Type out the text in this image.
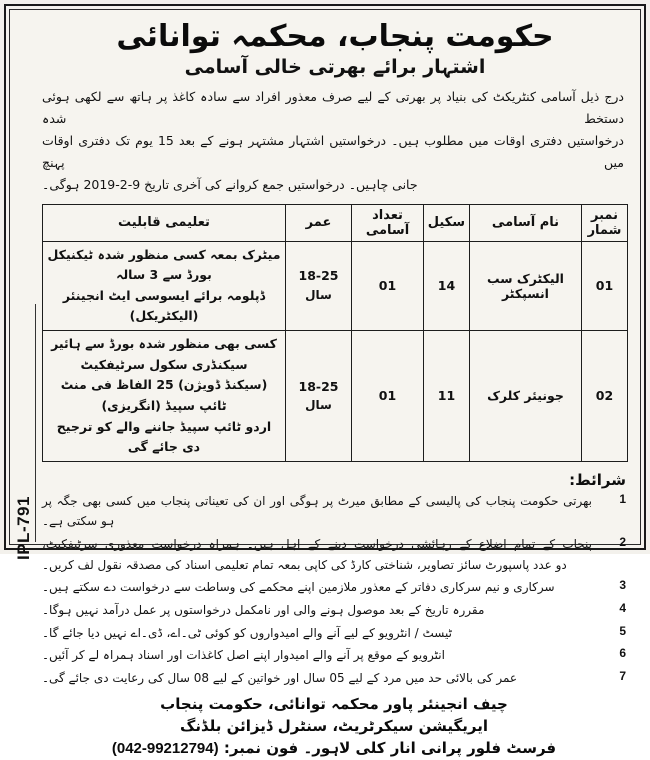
IPL-791
حکومت پنجاب، محکمہ توانائی
اشتہار برائے بھرتی خالی آسامی
درج ذیل آسامی کنٹریکٹ کی بنیاد پر بھرتی کے لیے صرف معذور افراد سے سادہ کاغذ پر ہاتھ سے لکھی ہوئی دستخط شدہ
درخواستیں دفتری اوقات میں مطلوب ہیں۔ درخواستیں اشتہار مشتہر ہونے کے بعد 15 یوم تک دفتری اوقات میں پہنچ
جانی چاہیں۔ درخواستیں جمع کروانے کی آخری تاریخ 9-2-2019 ہوگی۔
نمبر شمار	نام آسامی	سکیل	تعداد آسامی	عمر	تعلیمی قابلیت
01	الیکٹرک سب انسپکٹر	14	01	18-25
سال	میٹرک بمعہ کسی منظور شدہ ٹیکنیکل بورڈ سے 3 سالہ
ڈپلومہ برائے ایسوسی ایٹ انجینئر (الیکٹریکل)

02	جونیئر کلرک	11	01	18-25
سال	کسی بھی منظور شدہ بورڈ سے ہائیر سیکنڈری سکول سرٹیفکیٹ
(سیکنڈ ڈویژن) 25 الفاظ فی منٹ ٹائپ سپیڈ (انگریزی)
اردو ٹائپ سپیڈ جاننے والے کو ترجیح دی جائے گی
شرائط:
1
بھرتی حکومت پنجاب کی پالیسی کے مطابق میرٹ پر ہوگی اور ان کی تعیناتی پنجاب میں کسی بھی جگہ پر ہو سکتی ہے۔
2
پنجاب کے تمام اضلاع کے رہائشی درخواست دینے کے اہل ہیں۔ ہمراہ درخواست معذوری سرٹیفکیٹ،
دو عدد پاسپورٹ سائز تصاویر، شناختی کارڈ کی کاپی بمعہ تمام تعلیمی اسناد کی مصدقہ نقول لف کریں۔
3
سرکاری و نیم سرکاری دفاتر کے معذور ملازمین اپنے محکمے کی وساطت سے درخواست دے سکتے ہیں۔
4
مقررہ تاریخ کے بعد موصول ہونے والی اور نامکمل درخواستوں پر عمل درآمد نہیں ہوگا۔
5
ٹیسٹ / انٹرویو کے لیے آنے والے امیدواروں کو کوئی ٹی۔اے، ڈی۔اے نہیں دیا جائے گا۔
6
انٹرویو کے موقع پر آنے والے امیدوار اپنے اصل کاغذات اور اسناد ہمراہ لے کر آئیں۔
7
عمر کی بالائی حد میں مرد کے لیے 05 سال اور خواتین کے لیے 08 سال کی رعایت دی جائے گی۔
چیف انجینئر پاور محکمہ توانائی، حکومت پنجاب
ایریگیشن سیکرٹریٹ، سنٹرل ڈیزائن بلڈنگ
فرسٹ فلور پرانی انار کلی لاہور۔ فون نمبر: (042-99212794)
